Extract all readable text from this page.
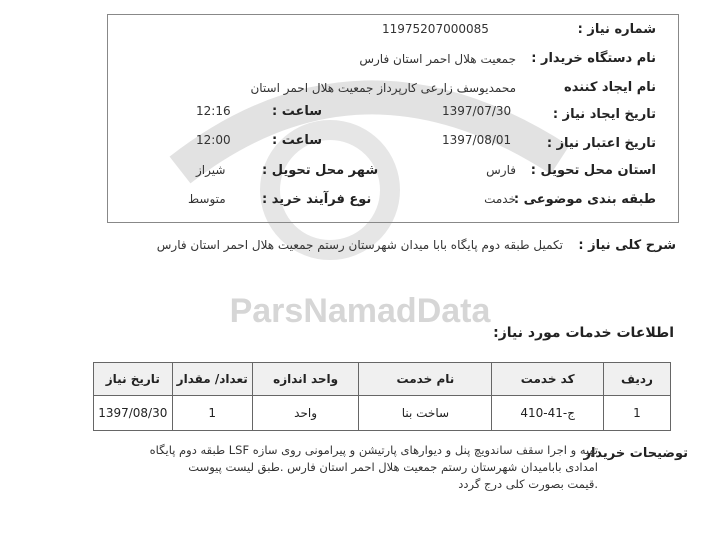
ParsNamadData
شماره نیاز :
11975207000085
نام دستگاه خریدار :
جمعیت هلال احمر استان فارس
نام ایجاد کننده
محمدیوسف زارعی کارپرداز جمعیت هلال احمر استان
تاریخ ایجاد نیاز :
1397/07/30
ساعت :
12:16
تاریخ اعتبار نیاز :
1397/08/01
ساعت :
12:00
استان محل تحویل :
فارس
شهر محل تحویل :
شیراز
طبقه بندی موضوعی :
خدمت
نوع فرآیند خرید :
متوسط
شرح کلی نیاز :
تکمیل طبقه دوم پایگاه بابا میدان شهرستان رستم جمعیت هلال احمر استان فارس
اطلاعات خدمات مورد نیاز:
تاریخ نیاز	تعداد/ مقدار	واحد اندازه	نام خدمت	کد خدمت	ردیف
1397/08/30	1	واحد	ساخت بنا	ج-41-410	1
توضیحات خریدار
تهیه و اجرا سقف ساندویچ پنل و دیوارهای پارتیشن و پیرامونی روی سازه LSF طبقه دوم پایگاه
امدادی بابامیدان شهرستان رستم جمعیت هلال احمر استان فارس .طبق لیست پیوست
.قیمت بصورت کلی درج گردد
